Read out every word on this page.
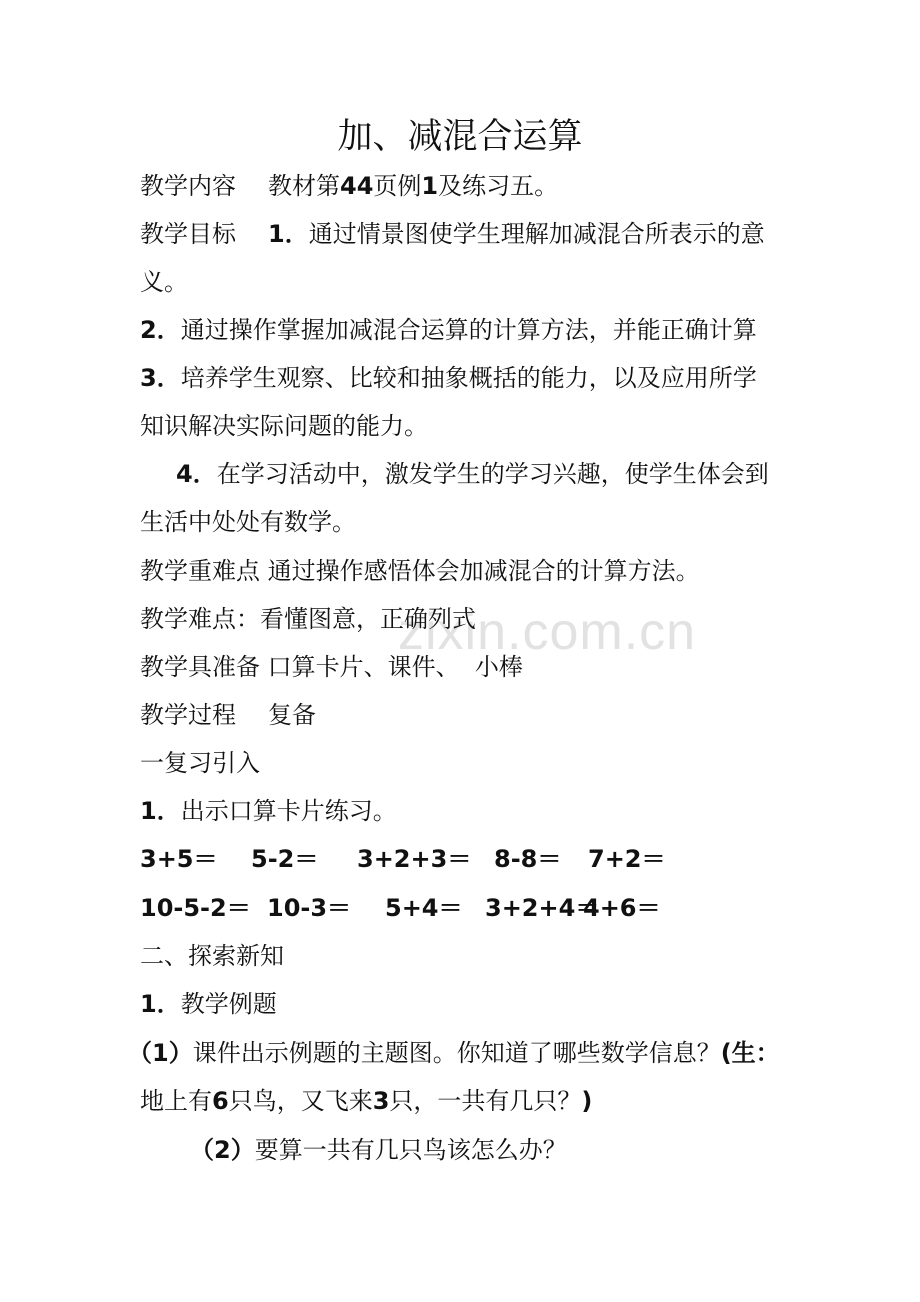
zixin.com.cn
加、减混合运算

教学内容 教材第44页例1及练习五。

教学目标 1．通过情景图使学生理解加减混合所表示的意

义。

2．通过操作掌握加减混合运算的计算方法，并能正确计算

3．培养学生观察、比较和抽象概括的能力，以及应用所学

知识解决实际问题的能力。

4．在学习活动中，激发学生的学习兴趣，使学生体会到

生活中处处有数学。

教学重难点 通过操作感悟体会加减混合的计算方法。

教学难点：看懂图意，正确列式

教学具准备 口算卡片、课件、  小棒

教学过程 复备

一复习引入

1．出示口算卡片练习。

3+5＝ 5-2＝ 3+2+3＝ 8-8＝ 7+2＝
10-5-2＝ 10-3＝ 5+4＝ 3+2+4＝
4+6＝

二、探索新知

1．教学例题

（1）课件出示例题的主题图。你知道了哪些数学信息？(生：

地上有6只鸟，又飞来3只，一共有几只？)

（2）要算一共有几只鸟该怎么办？
